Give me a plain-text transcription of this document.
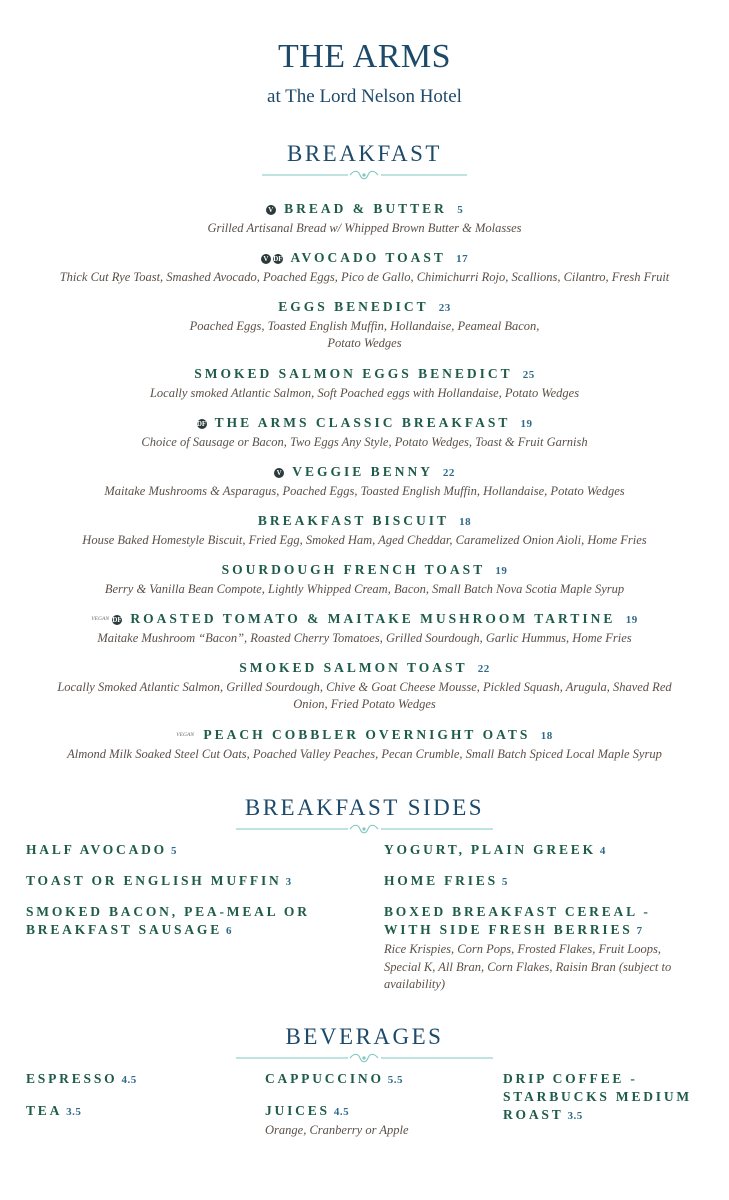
THE ARMS
at The Lord Nelson Hotel
BREAKFAST
V BREAD & BUTTER 5
Grilled Artisanal Bread w/ Whipped Brown Butter & Molasses
V DF AVOCADO TOAST 17
Thick Cut Rye Toast, Smashed Avocado, Poached Eggs, Pico de Gallo, Chimichurri Rojo, Scallions, Cilantro, Fresh Fruit
EGGS BENEDICT 23
Poached Eggs, Toasted English Muffin, Hollandaise, Peameal Bacon,
Potato Wedges
SMOKED SALMON EGGS BENEDICT 25
Locally smoked Atlantic Salmon, Soft Poached eggs with Hollandaise, Potato Wedges
DF THE ARMS CLASSIC BREAKFAST 19
Choice of Sausage or Bacon, Two Eggs Any Style, Potato Wedges, Toast & Fruit Garnish
V VEGGIE BENNY 22
Maitake Mushrooms & Asparagus, Poached Eggs, Toasted English Muffin, Hollandaise, Potato Wedges
BREAKFAST BISCUIT 18
House Baked Homestyle Biscuit, Fried Egg, Smoked Ham, Aged Cheddar, Caramelized Onion Aioli, Home Fries
SOURDOUGH FRENCH TOAST 19
Berry & Vanilla Bean Compote, Lightly Whipped Cream, Bacon, Small Batch Nova Scotia Maple Syrup
VEGAN DF ROASTED TOMATO & MAITAKE MUSHROOM TARTINE 19
Maitake Mushroom “Bacon”, Roasted Cherry Tomatoes, Grilled Sourdough, Garlic Hummus, Home Fries
SMOKED SALMON TOAST 22
Locally Smoked Atlantic Salmon, Grilled Sourdough, Chive & Goat Cheese Mousse, Pickled Squash, Arugula, Shaved Red
Onion, Fried Potato Wedges
VEGAN PEACH COBBLER OVERNIGHT OATS 18
Almond Milk Soaked Steel Cut Oats, Poached Valley Peaches, Pecan Crumble, Small Batch Spiced Local Maple Syrup
BREAKFAST SIDES
HALF AVOCADO 5	YOGURT, PLAIN GREEK 4
TOAST OR ENGLISH MUFFIN 3	HOME FRIES 5
SMOKED BACON, PEA-MEAL OR
BREAKFAST SAUSAGE 6
BOXED BREAKFAST CEREAL -
WITH SIDE FRESH BERRIES 7
Rice Krispies, Corn Pops, Frosted Flakes, Fruit Loops,
Special K, All Bran, Corn Flakes, Raisin Bran (subject to
availability)
BEVERAGES
ESPRESSO 4.5	CAPPUCCINO 5.5	DRIP COFFEE -
STARBUCKS MEDIUM
ROAST 3.5
TEA 3.5	JUICES 4.5
Orange, Cranberry or Apple
